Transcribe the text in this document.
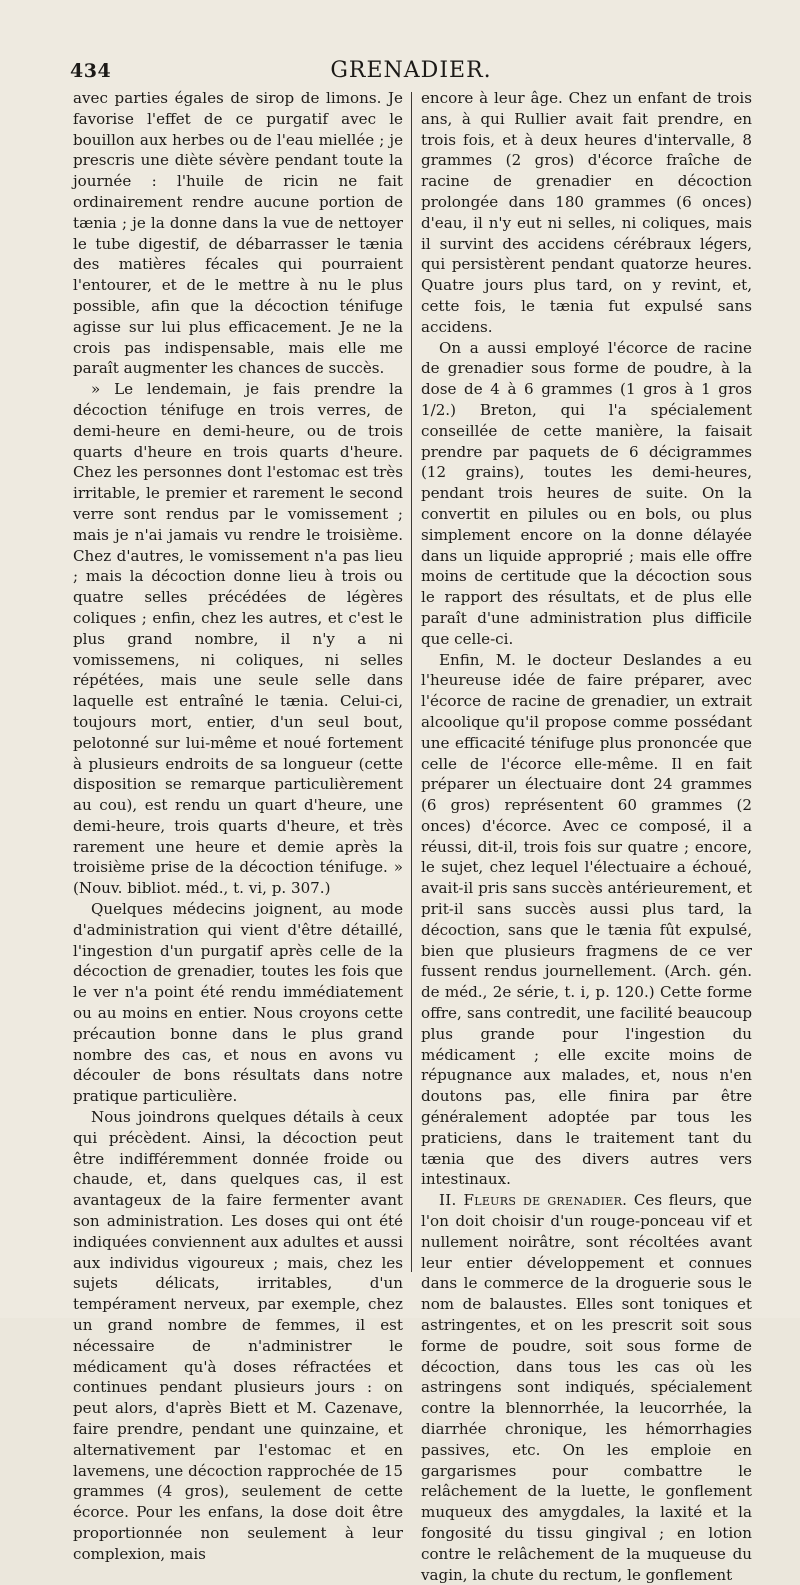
434	GRENADIER.

avec parties égales de sirop de limons. Je favorise l'effet de ce purgatif avec le bouillon aux herbes ou de l'eau miellée ; je prescris une diète sévère pendant toute la journée : l'huile de ricin ne fait ordinairement rendre aucune portion de tænia ; je la donne dans la vue de nettoyer le tube digestif, de débarrasser le tænia des matières fécales qui pourraient l'entourer, et de le mettre à nu le plus possible, afin que la décoction ténifuge agisse sur lui plus efficacement. Je ne la crois pas indispensable, mais elle me paraît augmenter les chances de succès.

» Le lendemain, je fais prendre la décoction ténifuge en trois verres, de demi-heure en demi-heure, ou de trois quarts d'heure en trois quarts d'heure. Chez les personnes dont l'estomac est très irritable, le premier et rarement le second verre sont rendus par le vomissement ; mais je n'ai jamais vu rendre le troisième. Chez d'autres, le vomissement n'a pas lieu ; mais la décoction donne lieu à trois ou quatre selles précédées de légères coliques ; enfin, chez les autres, et c'est le plus grand nombre, il n'y a ni vomissemens, ni coliques, ni selles répétées, mais une seule selle dans laquelle est entraîné le tænia. Celui-ci, toujours mort, entier, d'un seul bout, pelotonné sur lui-même et noué fortement à plusieurs endroits de sa longueur (cette disposition se remarque particulièrement au cou), est rendu un quart d'heure, une demi-heure, trois quarts d'heure, et très rarement une heure et demie après la troisième prise de la décoction ténifuge. » (Nouv. bibliot. méd., t. vi, p. 307.)

Quelques médecins joignent, au mode d'administration qui vient d'être détaillé, l'ingestion d'un purgatif après celle de la décoction de grenadier, toutes les fois que le ver n'a point été rendu immédiatement ou au moins en entier. Nous croyons cette précaution bonne dans le plus grand nombre des cas, et nous en avons vu découler de bons résultats dans notre pratique particulière.

Nous joindrons quelques détails à ceux qui précèdent. Ainsi, la décoction peut être indifféremment donnée froide ou chaude, et, dans quelques cas, il est avantageux de la faire fermenter avant son administration. Les doses qui ont été indiquées conviennent aux adultes et aussi aux individus vigoureux ; mais, chez les sujets délicats, irritables, d'un tempérament nerveux, par exemple, chez un grand nombre de femmes, il est nécessaire de n'administrer le médicament qu'à doses réfractées et continues pendant plusieurs jours : on peut alors, d'après Biett et M. Cazenave, faire prendre, pendant une quinzaine, et alternativement par l'estomac et en lavemens, une décoction rapprochée de 15 grammes (4 gros), seulement de cette écorce. Pour les enfans, la dose doit être proportionnée non seulement à leur complexion, mais

encore à leur âge. Chez un enfant de trois ans, à qui Rullier avait fait prendre, en trois fois, et à deux heures d'intervalle, 8 grammes (2 gros) d'écorce fraîche de racine de grenadier en décoction prolongée dans 180 grammes (6 onces) d'eau, il n'y eut ni selles, ni coliques, mais il survint des accidens cérébraux légers, qui persistèrent pendant quatorze heures. Quatre jours plus tard, on y revint, et, cette fois, le tænia fut expulsé sans accidens.

On a aussi employé l'écorce de racine de grenadier sous forme de poudre, à la dose de 4 à 6 grammes (1 gros à 1 gros 1/2.) Breton, qui l'a spécialement conseillée de cette manière, la faisait prendre par paquets de 6 décigrammes (12 grains), toutes les demi-heures, pendant trois heures de suite. On la convertit en pilules ou en bols, ou plus simplement encore on la donne délayée dans un liquide approprié ; mais elle offre moins de certitude que la décoction sous le rapport des résultats, et de plus elle paraît d'une administration plus difficile que celle-ci.

Enfin, M. le docteur Deslandes a eu l'heureuse idée de faire préparer, avec l'écorce de racine de grenadier, un extrait alcoolique qu'il propose comme possédant une efficacité ténifuge plus prononcée que celle de l'écorce elle-même. Il en fait préparer un électuaire dont 24 grammes (6 gros) représentent 60 grammes (2 onces) d'écorce. Avec ce composé, il a réussi, dit-il, trois fois sur quatre ; encore, le sujet, chez lequel l'électuaire a échoué, avait-il pris sans succès antérieurement, et prit-il sans succès aussi plus tard, la décoction, sans que le tænia fût expulsé, bien que plusieurs fragmens de ce ver fussent rendus journellement. (Arch. gén. de méd., 2e série, t. i, p. 120.) Cette forme offre, sans contredit, une facilité beaucoup plus grande pour l'ingestion du médicament ; elle excite moins de répugnance aux malades, et, nous n'en doutons pas, elle finira par être généralement adoptée par tous les praticiens, dans le traitement tant du tænia que des divers autres vers intestinaux.

II. Fleurs de grenadier. Ces fleurs, que l'on doit choisir d'un rouge-ponceau vif et nullement noirâtre, sont récoltées avant leur entier développement et connues dans le commerce de la droguerie sous le nom de balaustes. Elles sont toniques et astringentes, et on les prescrit soit sous forme de poudre, soit sous forme de décoction, dans tous les cas où les astringens sont indiqués, spécialement contre la blennorrhée, la leucorrhée, la diarrhée chronique, les hémorrhagies passives, etc. On les emploie en gargarismes pour combattre le relâchement de la luette, le gonflement muqueux des amygdales, la laxité et la fongosité du tissu gingival ; en lotion contre le relâchement de la muqueuse du vagin, la chute du rectum, le gonflement
